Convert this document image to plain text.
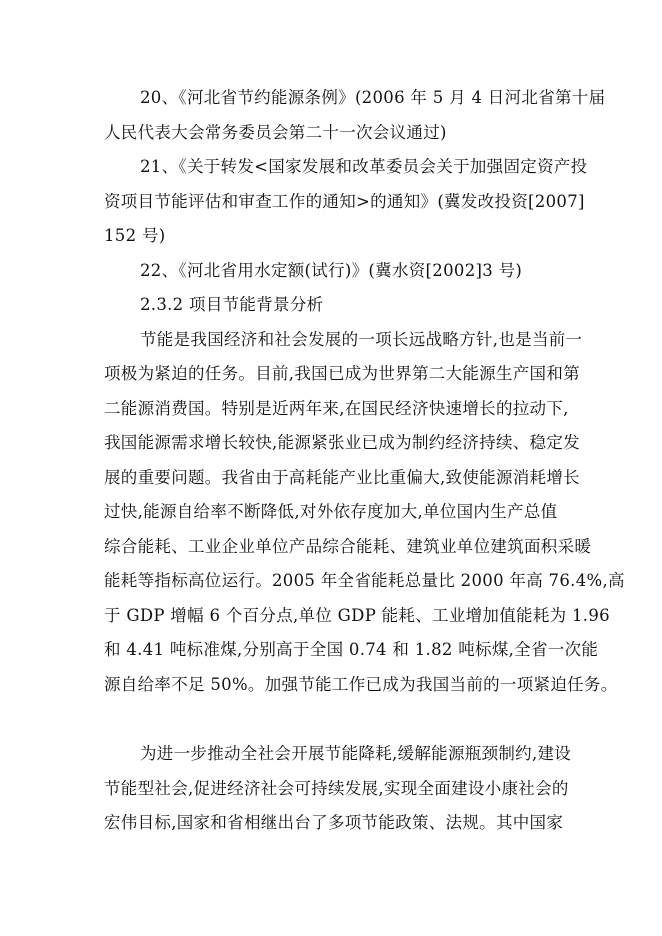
20、《河北省节约能源条例》(2006 年 5 月 4 日河北省第十届
人民代表大会常务委员会第二十一次会议通过)
21、《关于转发<国家发展和改革委员会关于加强固定资产投
资项目节能评估和审查工作的通知>的通知》(冀发改投资[2007]
152 号)
22、《河北省用水定额(试行)》(冀水资[2002]3 号)
2.3.2 项目节能背景分析
节能是我国经济和社会发展的一项长远战略方针,也是当前一
项极为紧迫的任务。目前,我国已成为世界第二大能源生产国和第
二能源消费国。特别是近两年来,在国民经济快速增长的拉动下,
我国能源需求增长较快,能源紧张业已成为制约经济持续、稳定发
展的重要问题。我省由于高耗能产业比重偏大,致使能源消耗增长
过快,能源自给率不断降低,对外依存度加大,单位国内生产总值
综合能耗、工业企业单位产品综合能耗、建筑业单位建筑面积采暖
能耗等指标高位运行。2005 年全省能耗总量比 2000 年高 76.4%,高
于 GDP 增幅 6 个百分点,单位 GDP 能耗、工业增加值能耗为 1.96
和 4.41 吨标准煤,分别高于全国 0.74 和 1.82 吨标煤,全省一次能
源自给率不足 50%。加强节能工作已成为我国当前的一项紧迫任务。
为进一步推动全社会开展节能降耗,缓解能源瓶颈制约,建设
节能型社会,促进经济社会可持续发展,实现全面建设小康社会的
宏伟目标,国家和省相继出台了多项节能政策、法规。其中国家
